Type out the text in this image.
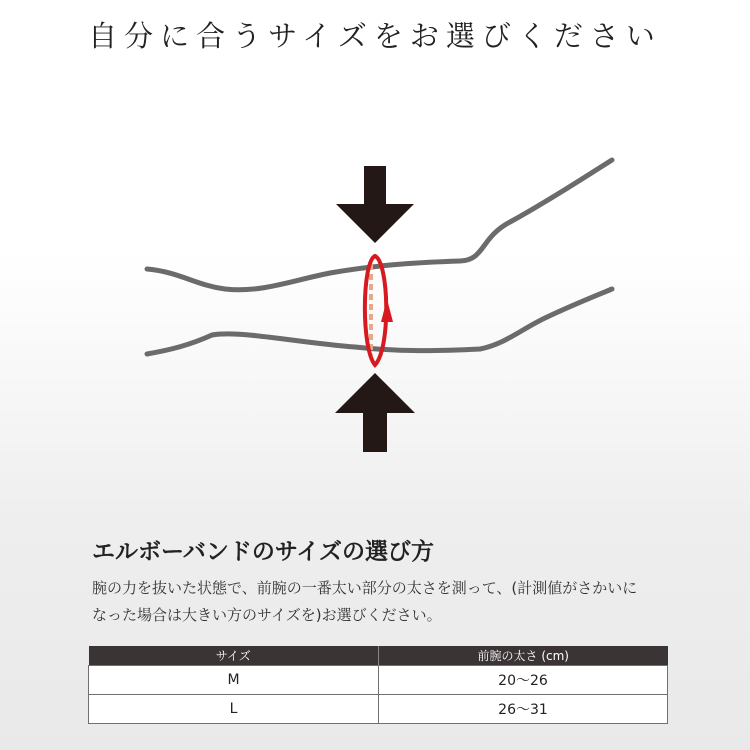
自分に合うサイズをお選びください
エルボーバンドのサイズの選び方

腕の力を抜いた状態で、前腕の一番太い部分の太さを測って、(計測値がさかいに

なった場合は大きい方のサイズを)お選びください。

サイズ	前腕の太さ (cm)
M	20〜26
L	26〜31
